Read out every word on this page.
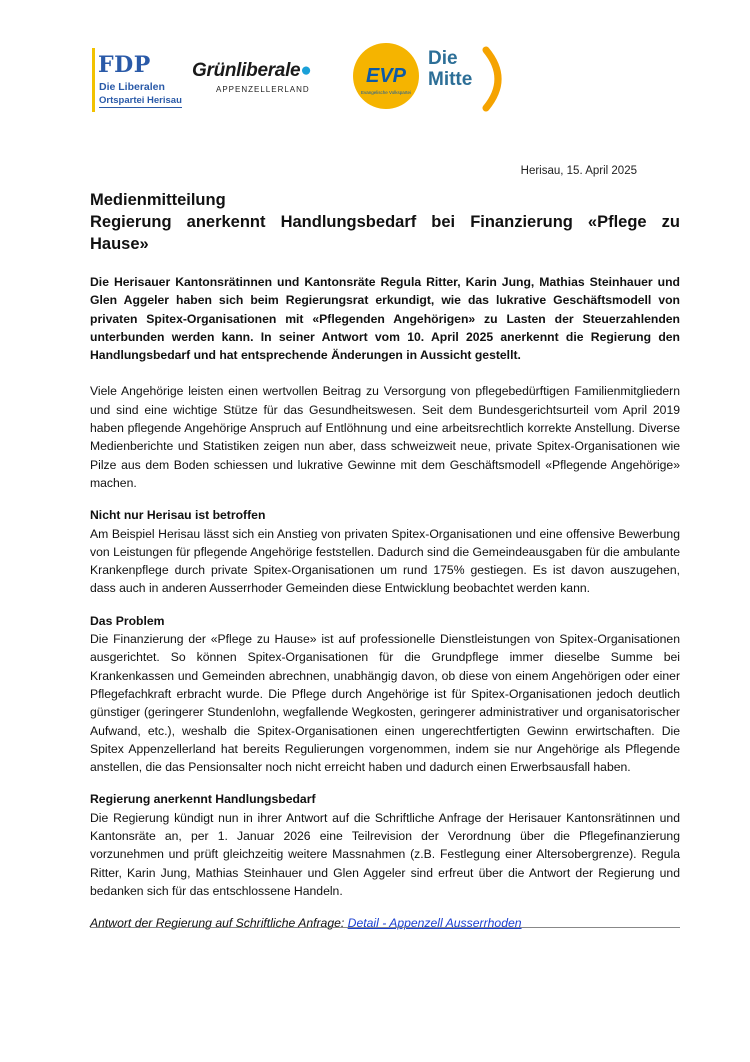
FDP
Die Liberalen
Ortspartei Herisau
Grünliberale●
APPENZELLERLAND
EVP
Evangelische Volkspartei
Die
Mitte
Herisau, 15. April 2025

Medienmitteilung

Regierung anerkennt Handlungsbedarf bei Finanzierung «Pflege zu Hause»

Die Herisauer Kantonsrätinnen und Kantonsräte Regula Ritter, Karin Jung, Mathias Steinhauer und Glen Aggeler haben sich beim Regierungsrat erkundigt, wie das lukrative Geschäftsmodell von privaten Spitex-Organisationen mit «Pflegenden Angehörigen» zu Lasten der Steuerzahlenden unterbunden werden kann. In seiner Antwort vom 10. April 2025 anerkennt die Regierung den Handlungsbedarf und hat entsprechende Änderungen in Aussicht gestellt.

Viele Angehörige leisten einen wertvollen Beitrag zu Versorgung von pflegebedürftigen Familienmitgliedern und sind eine wichtige Stütze für das Gesundheitswesen. Seit dem Bundesgerichtsurteil vom April 2019 haben pflegende Angehörige Anspruch auf Entlöhnung und eine arbeitsrechtlich korrekte Anstellung. Diverse Medienberichte und Statistiken zeigen nun aber, dass schweizweit neue, private Spitex-Organisationen wie Pilze aus dem Boden schiessen und lukrative Gewinne mit dem Geschäftsmodell «Pflegende Angehörige» machen.

Nicht nur Herisau ist betroffen

Am Beispiel Herisau lässt sich ein Anstieg von privaten Spitex-Organisationen und eine offensive Bewerbung von Leistungen für pflegende Angehörige feststellen. Dadurch sind die Gemeindeausgaben für die ambulante Krankenpflege durch private Spitex-Organisationen um rund 175% gestiegen. Es ist davon auszugehen, dass auch in anderen Ausserrhoder Gemeinden diese Entwicklung beobachtet werden kann.

Das Problem

Die Finanzierung der «Pflege zu Hause» ist auf professionelle Dienstleistungen von Spitex-Organisationen ausgerichtet. So können Spitex-Organisationen für die Grundpflege immer dieselbe Summe bei Krankenkassen und Gemeinden abrechnen, unabhängig davon, ob diese von einem Angehörigen oder einer Pflegefachkraft erbracht wurde. Die Pflege durch Angehörige ist für Spitex-Organisationen jedoch deutlich günstiger (geringerer Stundenlohn, wegfallende Wegkosten, geringerer administrativer und organisatorischer Aufwand, etc.), weshalb die Spitex-Organisationen einen ungerechtfertigten Gewinn erwirtschaften. Die Spitex Appenzellerland hat bereits Regulierungen vorgenommen, indem sie nur Angehörige als Pflegende anstellen, die das Pensionsalter noch nicht erreicht haben und dadurch einen Erwerbsausfall haben.

Regierung anerkennt Handlungsbedarf

Die Regierung kündigt nun in ihrer Antwort auf die Schriftliche Anfrage der Herisauer Kantonsrätinnen und Kantonsräte an, per 1. Januar 2026 eine Teilrevision der Verordnung über die Pflegefinanzierung vorzunehmen und prüft gleichzeitig weitere Massnahmen (z.B. Festlegung einer Altersobergrenze). Regula Ritter, Karin Jung, Mathias Steinhauer und Glen Aggeler sind erfreut über die Antwort der Regierung und bedanken sich für das entschlossene Handeln.

Antwort der Regierung auf Schriftliche Anfrage: Detail - Appenzell Ausserrhoden
